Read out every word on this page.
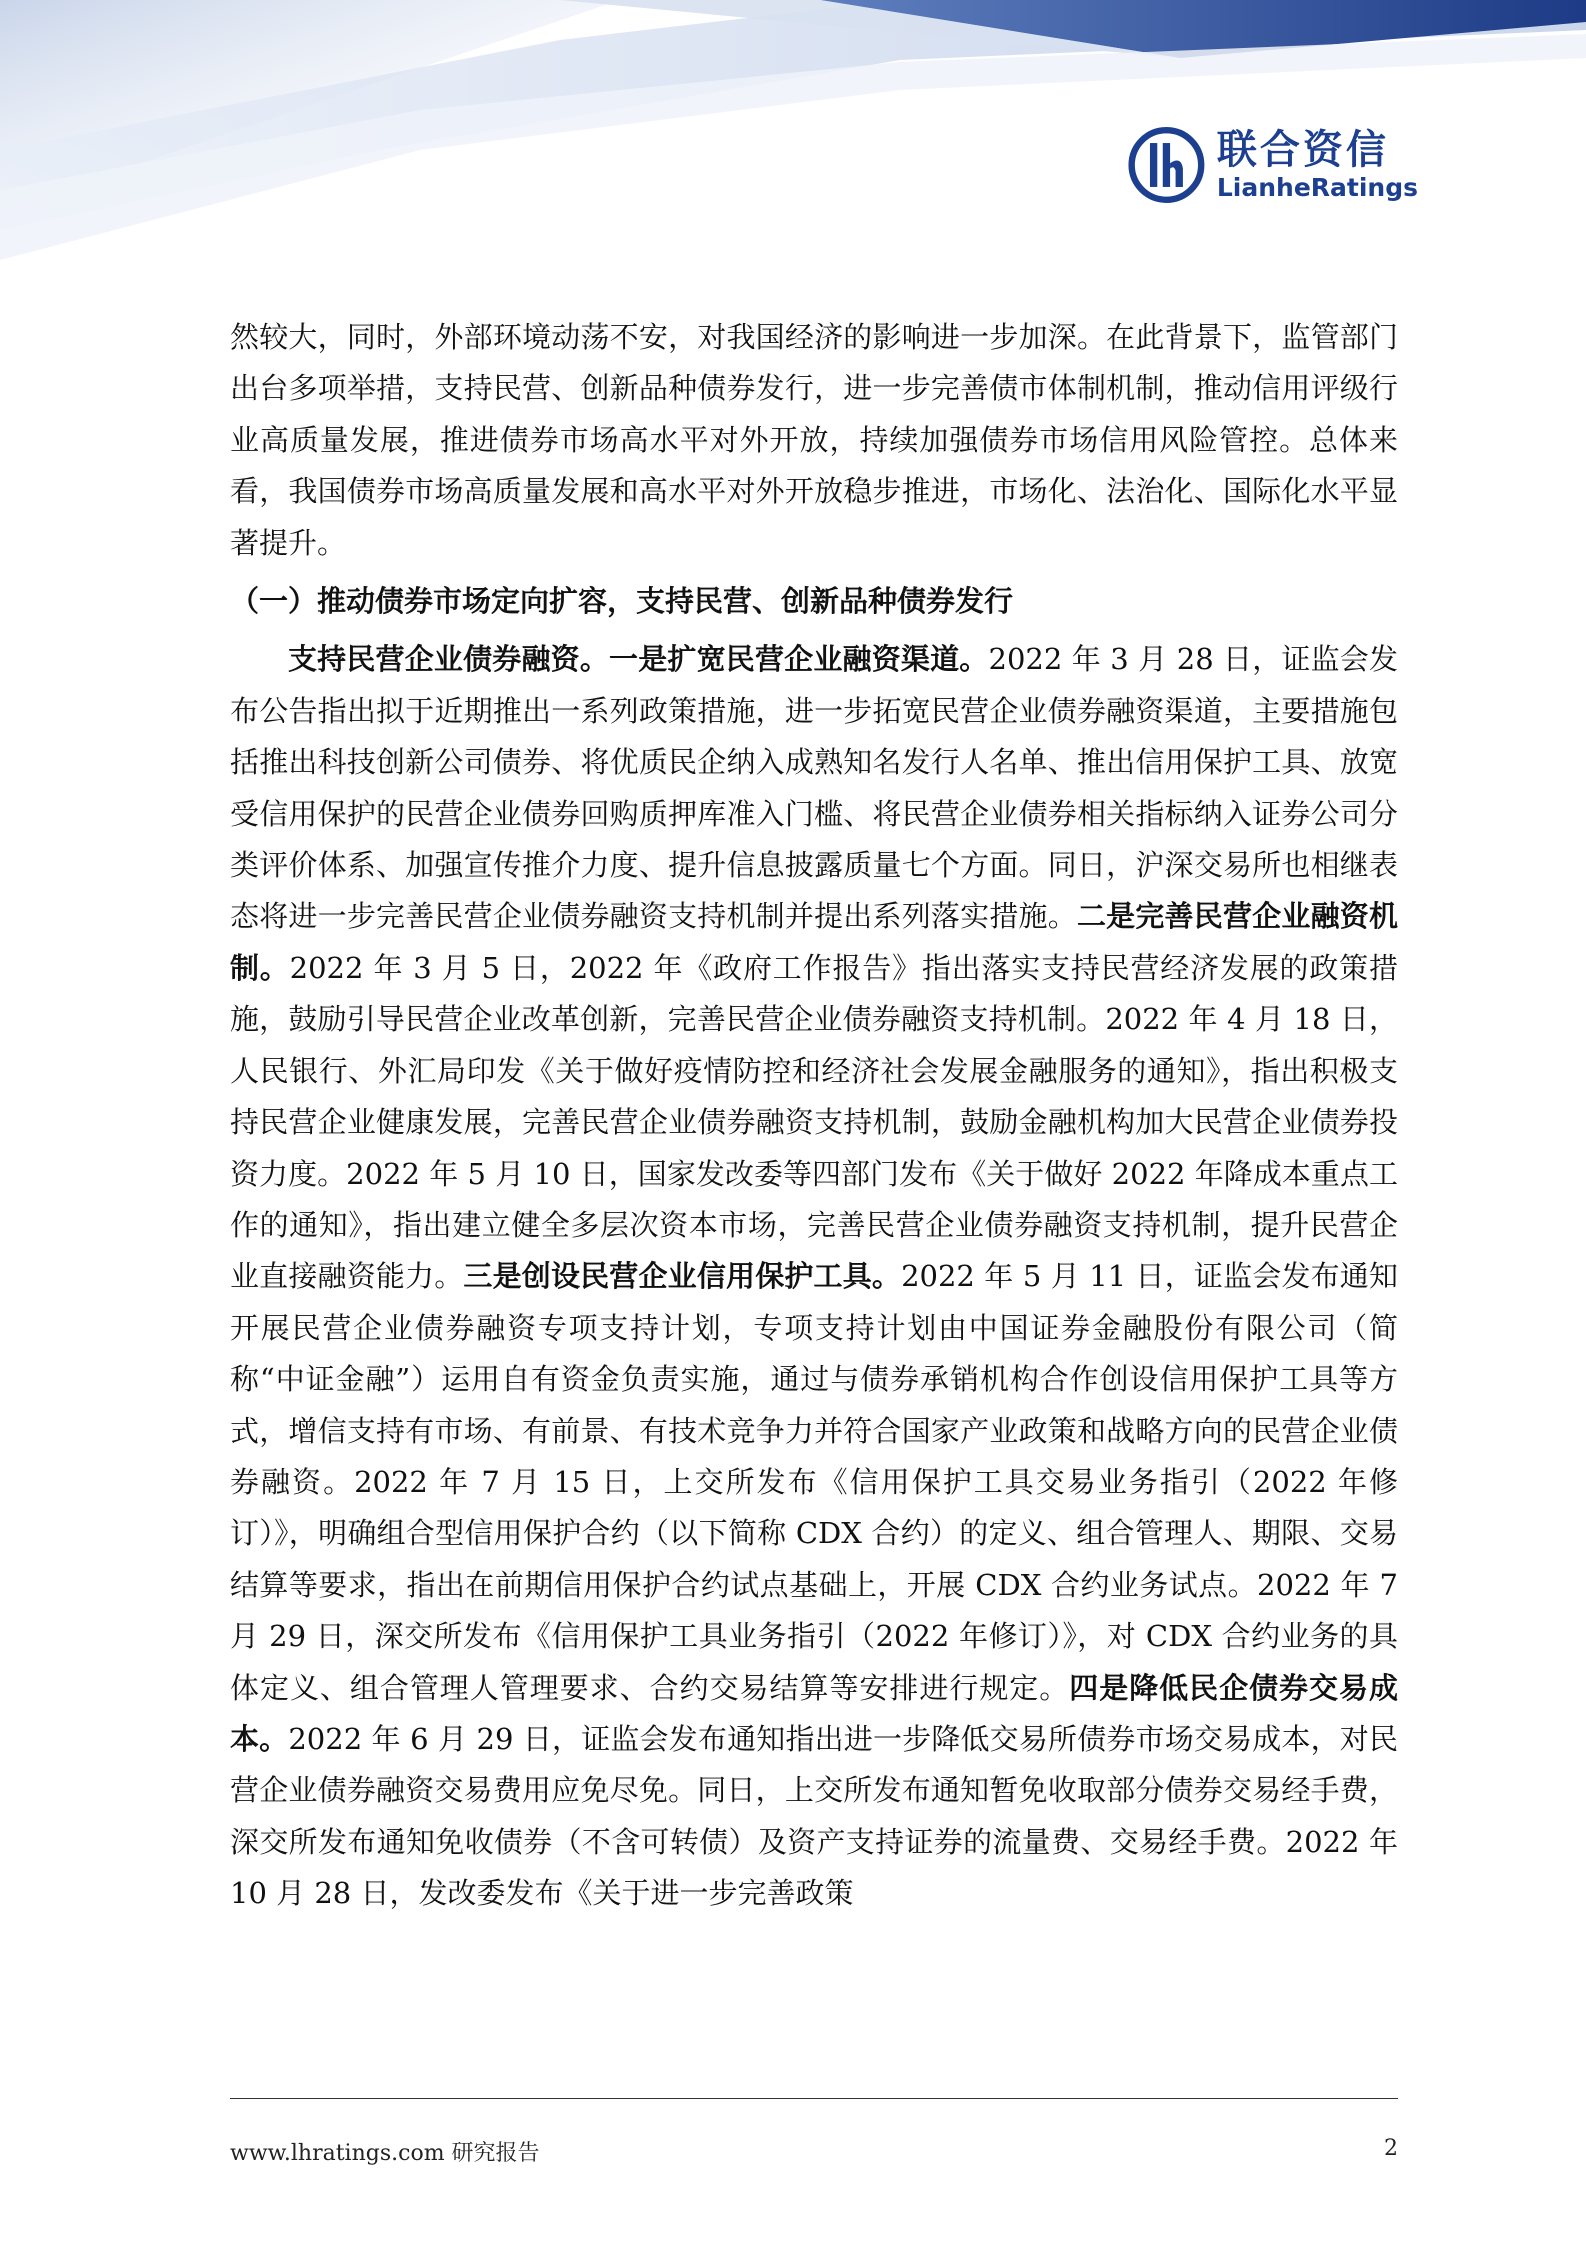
联合资信
LianheRatings

然较大，同时，外部环境动荡不安，对我国经济的影响进一步加深。在此背景下，监管部门出台多项举措，支持民营、创新品种债券发行，进一步完善债市体制机制，推动信用评级行业高质量发展，推进债券市场高水平对外开放，持续加强债券市场信用风险管控。总体来看，我国债券市场高质量发展和高水平对外开放稳步推进，市场化、法治化、国际化水平显著提升。

（一）推动债券市场定向扩容，支持民营、创新品种债券发行

支持民营企业债券融资。一是扩宽民营企业融资渠道。2022 年 3 月 28 日，证监会发布公告指出拟于近期推出一系列政策措施，进一步拓宽民营企业债券融资渠道，主要措施包括推出科技创新公司债券、将优质民企纳入成熟知名发行人名单、推出信用保护工具、放宽受信用保护的民营企业债券回购质押库准入门槛、将民营企业债券相关指标纳入证券公司分类评价体系、加强宣传推介力度、提升信息披露质量七个方面。同日，沪深交易所也相继表态将进一步完善民营企业债券融资支持机制并提出系列落实措施。二是完善民营企业融资机制。2022 年 3 月 5 日，2022 年《政府工作报告》指出落实支持民营经济发展的政策措施，鼓励引导民营企业改革创新，完善民营企业债券融资支持机制。2022 年 4 月 18 日，人民银行、外汇局印发《关于做好疫情防控和经济社会发展金融服务的通知》，指出积极支持民营企业健康发展，完善民营企业债券融资支持机制，鼓励金融机构加大民营企业债券投资力度。2022 年 5 月 10 日，国家发改委等四部门发布《关于做好 2022 年降成本重点工作的通知》，指出建立健全多层次资本市场，完善民营企业债券融资支持机制，提升民营企业直接融资能力。三是创设民营企业信用保护工具。2022 年 5 月 11 日，证监会发布通知开展民营企业债券融资专项支持计划，专项支持计划由中国证券金融股份有限公司（简称“中证金融”）运用自有资金负责实施，通过与债券承销机构合作创设信用保护工具等方式，增信支持有市场、有前景、有技术竞争力并符合国家产业政策和战略方向的民营企业债券融资。2022 年 7 月 15 日，上交所发布《信用保护工具交易业务指引（2022 年修订）》，明确组合型信用保护合约（以下简称 CDX 合约）的定义、组合管理人、期限、交易结算等要求，指出在前期信用保护合约试点基础上，开展 CDX 合约业务试点。2022 年 7 月 29 日，深交所发布《信用保护工具业务指引（2022 年修订）》，对 CDX 合约业务的具体定义、组合管理人管理要求、合约交易结算等安排进行规定。四是降低民企债券交易成本。2022 年 6 月 29 日，证监会发布通知指出进一步降低交易所债券市场交易成本，对民营企业债券融资交易费用应免尽免。同日，上交所发布通知暂免收取部分债券交易经手费，深交所发布通知免收债券（不含可转债）及资产支持证券的流量费、交易经手费。2022 年 10 月 28 日，发改委发布《关于进一步完善政策

www.lhratings.com 研究报告	2
